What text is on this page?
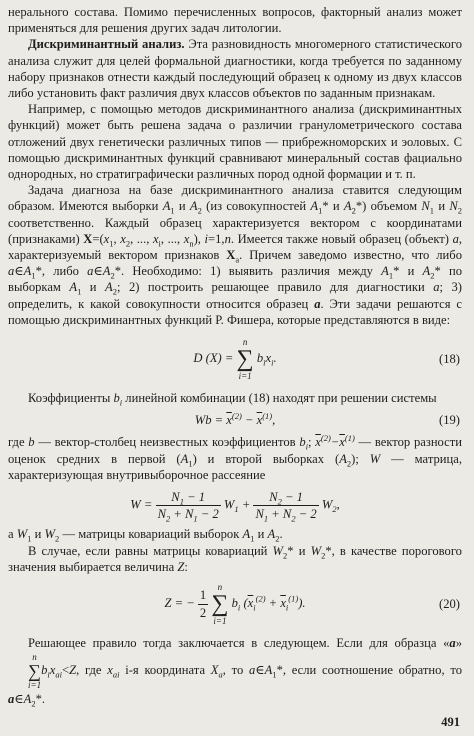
нерального состава. Помимо перечисленных вопросов, факторный анализ может применяться для решения других задач литологии.

Дискриминантный анализ. Эта разновидность многомерного статистического анализа служит для целей формальной диагностики, когда требуется по заданному набору признаков отнести каждый последующий образец к одному из двух классов либо установить факт различия двух классов объектов по заданным признакам.

Например, с помощью методов дискриминантного анализа (дискриминантных функций) может быть решена задача о различии гранулометрического состава отложений двух генетически различных типов — прибрежноморских и эоловых. С помощью дискриминантных функций сравнивают минеральный состав фациально однородных, но стратиграфически различных пород одной формации и т. п.

Задача диагноза на базе дискриминантного анализа ставится следующим образом. Имеются выборки $A_1$ и $A_2$ (из совокупностей $A_1*$ и $A_2*$) объемом $N_1$ и $N_2$ соответственно. Каждый образец характеризуется вектором с координатами (признаками) $X=(x_1$, $x_2$, ..., $x_i$, ..., $x_n$), i=1,n. Имеется также новый образец (объект) a, характеризуемый вектором признаков $X_a$. Причем заведомо известно, что либо $a\in A_1*$, либо $a\in A_2*$. Необходимо: 1) выявить различия между $A_1*$ и $A_2*$ по выборкам $A_1$ и $A_2$; 2) построить решающее правило для диагностики a; 3) определить, к какой совокупности относится образец a. Эти задачи решаются с помощью дискриминантных функций Р. Фишера, которые представляются в виде:

D (X) =
n
∑
i=1
$b_ix_i$.	(18)

Коэффициенты $b_i$ линейной комбинации (18) находят при решении системы

$Wb = \overline{x}^{(2)} - \overline{x}^{(1)}$,	(19)

где b — вектор-столбец неизвестных коэффициентов $b_i$; $\overline{x}^{(2)}-\overline{x}^{(1)}$ — вектор разности оценок средних в первой $(A_1)$ и второй выборках $(A_2)$; W — матрица, характеризующая внутривыборочное рассеяние

$W = \frac{N_1 - 1}{N_2 + N_1 - 2} W_1 + \frac{N_2 - 1}{N_1 + N_2 - 2} W_2$,

а $W_1$ и $W_2$ — матрицы ковариаций выборок $A_1$ и $A_2$.

В случае, если равны матрицы ковариаций $W_2*$ и $W_2*$, в качестве порогового значения выбирается величина Z:

Z = − $\frac{1}{2}$

n
∑
i=1
$b_i$ $(\overline{x}_i^{(2)} + \overline{x}_i^{(1)})$.	(20)

Решающее правило тогда заключается в следующем. Если для образца «a»
n
∑
i=1
$b_ix_{ai}<Z$, где $x_{ai}$ i-я координата $X_a$, то $a\in A_1*$, если соотношение обратно, то $a\in A_2*$.

491
